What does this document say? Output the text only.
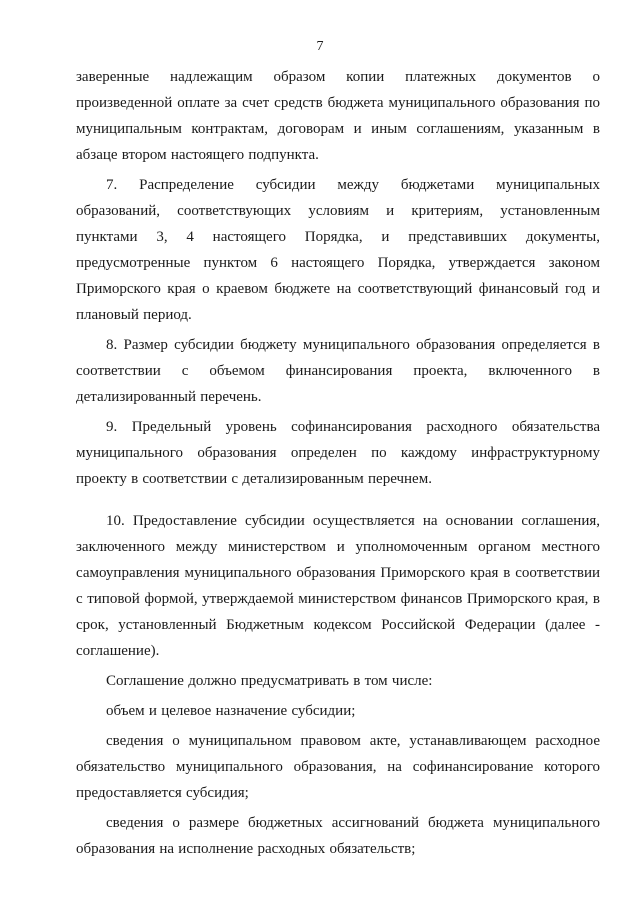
7

заверенные надлежащим образом копии платежных документов о произведенной оплате за счет средств бюджета муниципального образования по муниципальным контрактам, договорам и иным соглашениям, указанным в абзаце втором настоящего подпункта.

7. Распределение субсидии между бюджетами муниципальных образований, соответствующих условиям и критериям, установленным пунктами 3, 4 настоящего Порядка, и представивших документы, предусмотренные пунктом 6 настоящего Порядка, утверждается законом Приморского края о краевом бюджете на соответствующий финансовый год и плановый период.

8. Размер субсидии бюджету муниципального образования определяется в соответствии с объемом финансирования проекта, включенного в детализированный перечень.

9. Предельный уровень софинансирования расходного обязательства муниципального образования определен по каждому инфраструктурному проекту в соответствии с детализированным перечнем.

10. Предоставление субсидии осуществляется на основании соглашения, заключенного между министерством и уполномоченным органом местного самоуправления муниципального образования Приморского края в соответствии с типовой формой, утверждаемой министерством финансов Приморского края, в срок, установленный Бюджетным кодексом Российской Федерации (далее - соглашение).

Соглашение должно предусматривать в том числе:

объем и целевое назначение субсидии;

сведения о муниципальном правовом акте, устанавливающем расходное обязательство муниципального образования, на софинансирование которого предоставляется субсидия;

сведения о размере бюджетных ассигнований бюджета муниципального образования на исполнение расходных обязательств;
